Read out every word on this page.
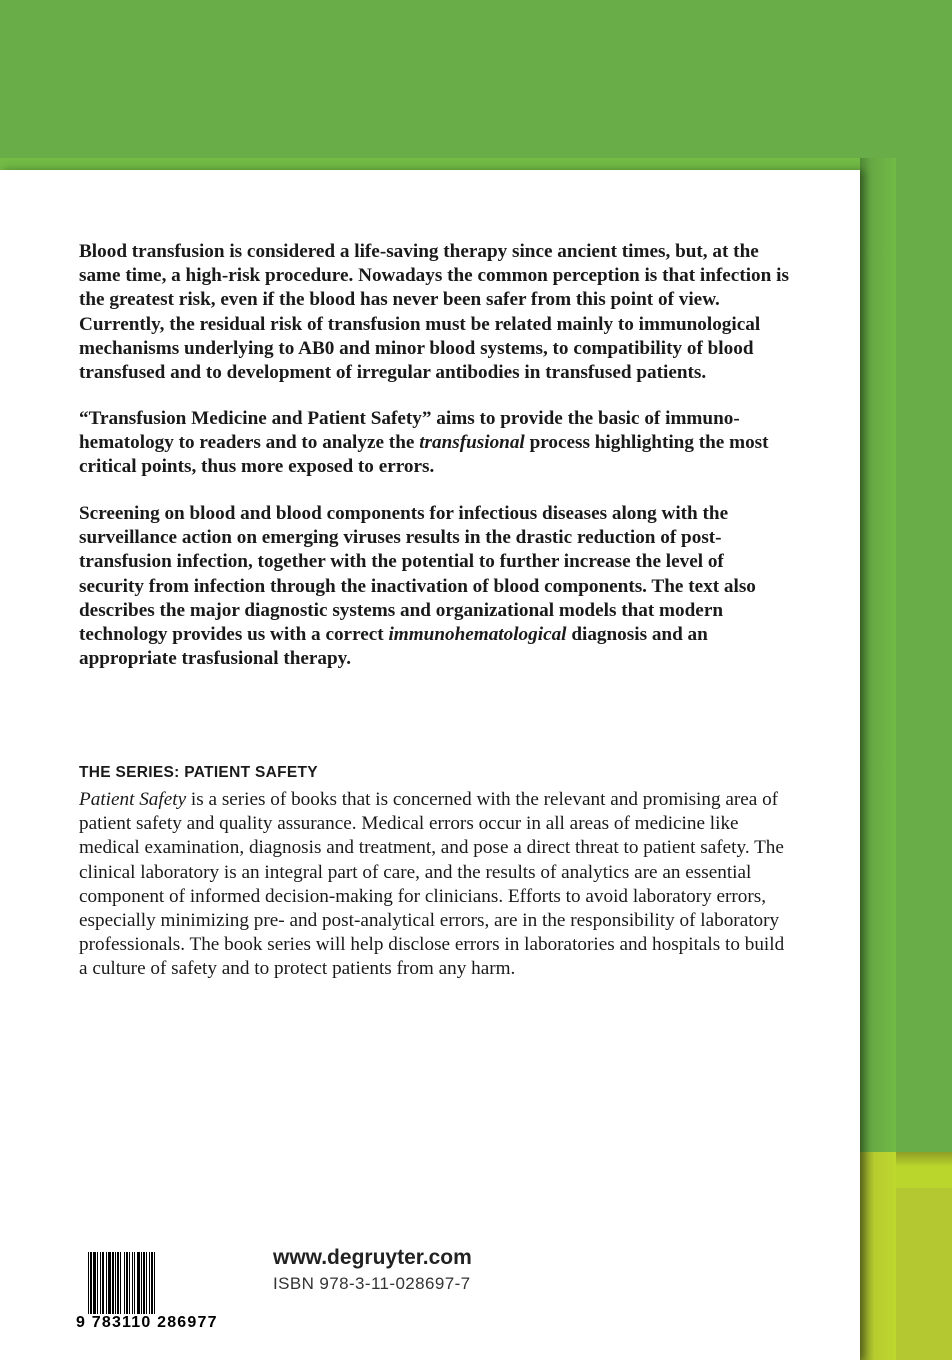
Blood transfusion is considered a life-saving therapy since ancient times, but, at the same time, a high-risk procedure. Nowadays the common perception is that infection is the greatest risk, even if the blood has never been safer from this point of view. Currently, the residual risk of transfusion must be related mainly to immunological mechanisms underlying to AB0 and minor blood systems, to compatibility of blood transfused and to development of irregular antibodies in transfused patients.

“Transfusion Medicine and Patient Safety” aims to provide the basic of immuno-hematology to readers and to analyze the transfusional process highlighting the most critical points, thus more exposed to errors.

Screening on blood and blood components for infectious diseases along with the surveillance action on emerging viruses results in the drastic reduction of post-transfusion infection, together with the potential to further increase the level of security from infection through the inactivation of blood components. The text also describes the major diagnostic systems and organizational models that modern technology provides us with a correct immunohematological diagnosis and an appropriate trasfusional therapy.

THE SERIES: PATIENT SAFETY

Patient Safety is a series of books that is concerned with the relevant and promising area of patient safety and quality assurance. Medical errors occur in all areas of medicine like medical examination, diagnosis and treatment, and pose a direct threat to patient safety. The clinical laboratory is an integral part of care, and the results of analytics are an essential component of informed decision-making for clinicians. Efforts to avoid laboratory errors, especially minimizing pre- and post-analytical errors, are in the responsibility of laboratory professionals. The book series will help disclose errors in laboratories and hospitals to build a culture of safety and to protect patients from any harm.

9 783110 286977
www.degruyter.com
ISBN 978-3-11-028697-7
